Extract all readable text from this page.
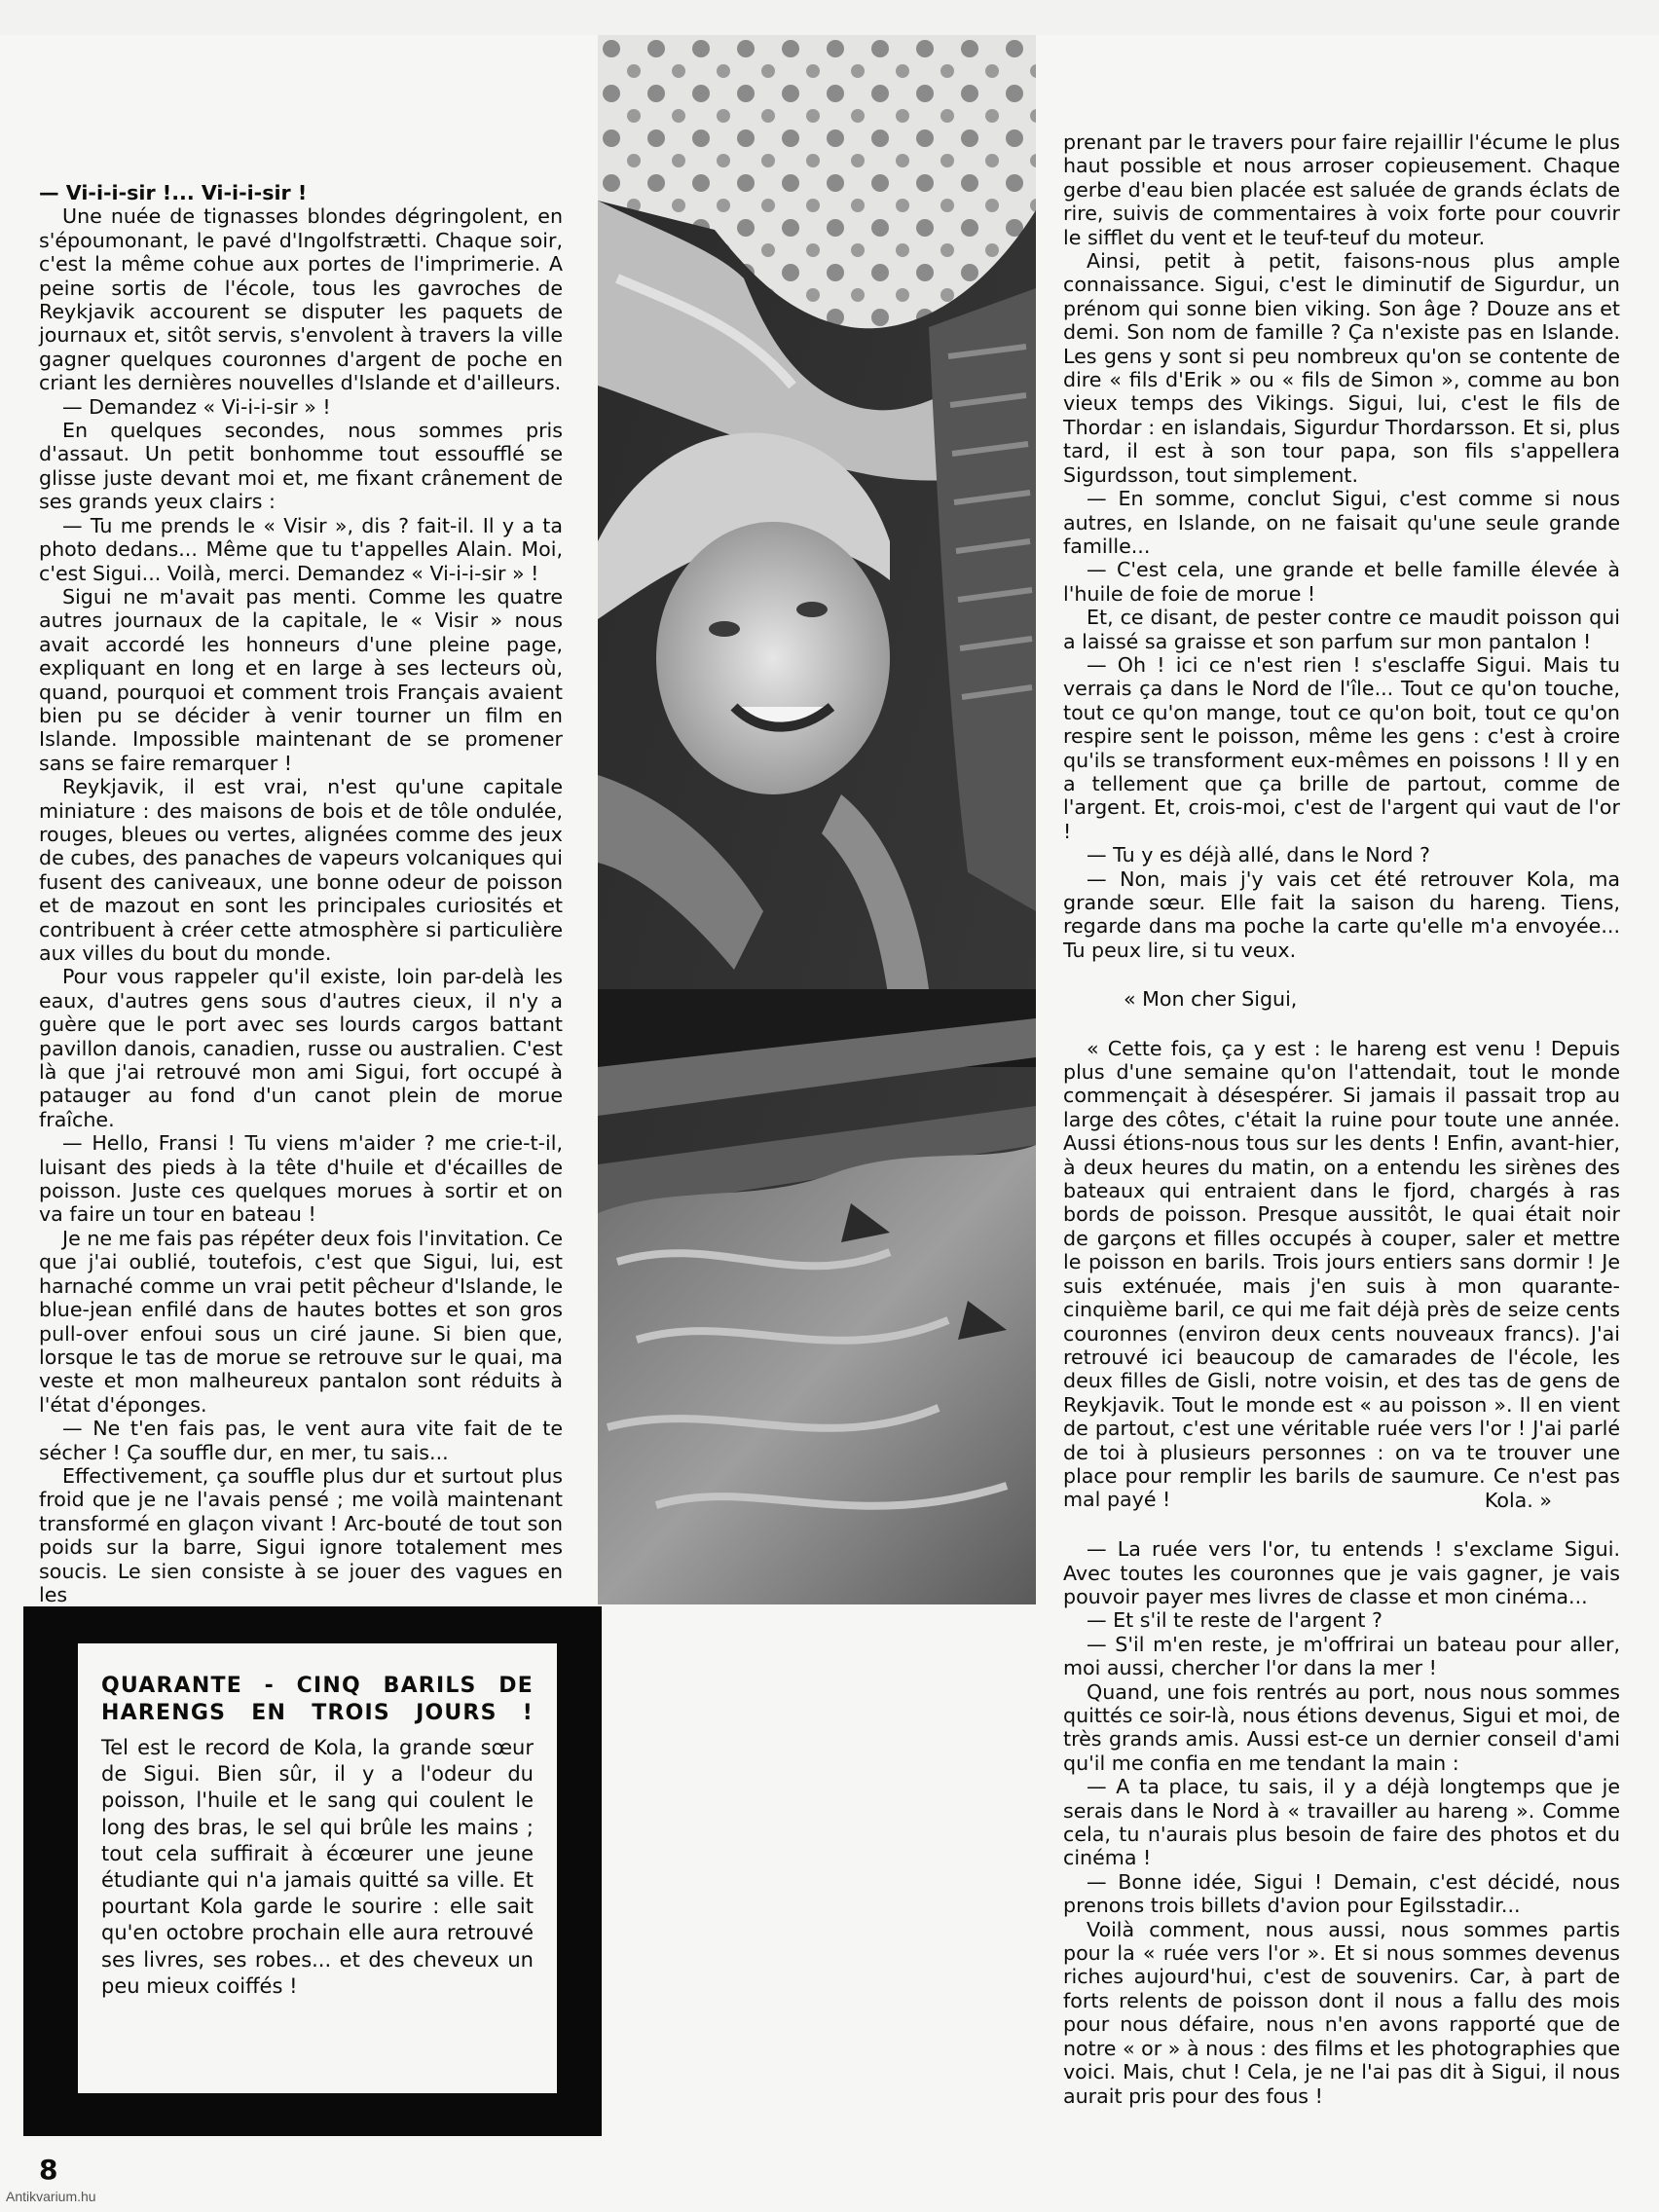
— Vi-i-i-sir !... Vi-i-i-sir !

Une nuée de tignasses blondes dégringolent, en s'époumonant, le pavé d'Ingolfstrætti. Chaque soir, c'est la même cohue aux portes de l'imprimerie. A peine sortis de l'école, tous les gavroches de Reykjavik accourent se disputer les paquets de journaux et, sitôt servis, s'envolent à travers la ville gagner quelques couronnes d'argent de poche en criant les dernières nouvelles d'Islande et d'ailleurs.

— Demandez « Vi-i-i-sir » !

En quelques secondes, nous sommes pris d'assaut. Un petit bonhomme tout essoufflé se glisse juste devant moi et, me fixant crânement de ses grands yeux clairs :

— Tu me prends le « Visir », dis ? fait-il. Il y a ta photo dedans... Même que tu t'appelles Alain. Moi, c'est Sigui... Voilà, merci. Demandez « Vi-i-i-sir » !

Sigui ne m'avait pas menti. Comme les quatre autres journaux de la capitale, le « Visir » nous avait accordé les honneurs d'une pleine page, expliquant en long et en large à ses lecteurs où, quand, pourquoi et comment trois Français avaient bien pu se décider à venir tourner un film en Islande. Impossible maintenant de se promener sans se faire remarquer !

Reykjavik, il est vrai, n'est qu'une capitale miniature : des maisons de bois et de tôle ondulée, rouges, bleues ou vertes, alignées comme des jeux de cubes, des panaches de vapeurs volcaniques qui fusent des caniveaux, une bonne odeur de poisson et de mazout en sont les principales curiosités et contribuent à créer cette atmosphère si particulière aux villes du bout du monde.

Pour vous rappeler qu'il existe, loin par-delà les eaux, d'autres gens sous d'autres cieux, il n'y a guère que le port avec ses lourds cargos battant pavillon danois, canadien, russe ou australien. C'est là que j'ai retrouvé mon ami Sigui, fort occupé à patauger au fond d'un canot plein de morue fraîche.

— Hello, Fransi ! Tu viens m'aider ? me crie-t-il, luisant des pieds à la tête d'huile et d'écailles de poisson. Juste ces quelques morues à sortir et on va faire un tour en bateau !

Je ne me fais pas répéter deux fois l'invitation. Ce que j'ai oublié, toutefois, c'est que Sigui, lui, est harnaché comme un vrai petit pêcheur d'Islande, le blue-jean enfilé dans de hautes bottes et son gros pull-over enfoui sous un ciré jaune. Si bien que, lorsque le tas de morue se retrouve sur le quai, ma veste et mon malheureux pantalon sont réduits à l'état d'éponges.

— Ne t'en fais pas, le vent aura vite fait de te sécher ! Ça souffle dur, en mer, tu sais...

Effectivement, ça souffle plus dur et surtout plus froid que je ne l'avais pensé ; me voilà maintenant transformé en glaçon vivant ! Arc-bouté de tout son poids sur la barre, Sigui ignore totalement mes soucis. Le sien consiste à se jouer des vagues en les

prenant par le travers pour faire rejaillir l'écume le plus haut possible et nous arroser copieusement. Chaque gerbe d'eau bien placée est saluée de grands éclats de rire, suivis de commentaires à voix forte pour couvrir le sifflet du vent et le teuf-teuf du moteur.

Ainsi, petit à petit, faisons-nous plus ample connaissance. Sigui, c'est le diminutif de Sigurdur, un prénom qui sonne bien viking. Son âge ? Douze ans et demi. Son nom de famille ? Ça n'existe pas en Islande. Les gens y sont si peu nombreux qu'on se contente de dire « fils d'Erik » ou « fils de Simon », comme au bon vieux temps des Vikings. Sigui, lui, c'est le fils de Thordar : en islandais, Sigurdur Thordarsson. Et si, plus tard, il est à son tour papa, son fils s'appellera Sigurdsson, tout simplement.

— En somme, conclut Sigui, c'est comme si nous autres, en Islande, on ne faisait qu'une seule grande famille...

— C'est cela, une grande et belle famille élevée à l'huile de foie de morue !

Et, ce disant, de pester contre ce maudit poisson qui a laissé sa graisse et son parfum sur mon pantalon !

— Oh ! ici ce n'est rien ! s'esclaffe Sigui. Mais tu verrais ça dans le Nord de l'île... Tout ce qu'on touche, tout ce qu'on mange, tout ce qu'on boit, tout ce qu'on respire sent le poisson, même les gens : c'est à croire qu'ils se transforment eux-mêmes en poissons ! Il y en a tellement que ça brille de partout, comme de l'argent. Et, crois-moi, c'est de l'argent qui vaut de l'or !

— Tu y es déjà allé, dans le Nord ?

— Non, mais j'y vais cet été retrouver Kola, ma grande sœur. Elle fait la saison du hareng. Tiens, regarde dans ma poche la carte qu'elle m'a envoyée... Tu peux lire, si tu veux.

« Mon cher Sigui,

« Cette fois, ça y est : le hareng est venu ! Depuis plus d'une semaine qu'on l'attendait, tout le monde commençait à désespérer. Si jamais il passait trop au large des côtes, c'était la ruine pour toute une année. Aussi étions-nous tous sur les dents ! Enfin, avant-hier, à deux heures du matin, on a entendu les sirènes des bateaux qui entraient dans le fjord, chargés à ras bords de poisson. Presque aussitôt, le quai était noir de garçons et filles occupés à couper, saler et mettre le poisson en barils. Trois jours entiers sans dormir ! Je suis exténuée, mais j'en suis à mon quarante-cinquième baril, ce qui me fait déjà près de seize cents couronnes (environ deux cents nouveaux francs). J'ai retrouvé ici beaucoup de camarades de l'école, les deux filles de Gisli, notre voisin, et des tas de gens de Reykjavik. Tout le monde est « au poisson ». Il en vient de partout, c'est une véritable ruée vers l'or ! J'ai parlé de toi à plusieurs personnes : on va te trouver une place pour remplir les barils de saumure. Ce n'est pas mal payé !	Kola. »

— La ruée vers l'or, tu entends ! s'exclame Sigui. Avec toutes les couronnes que je vais gagner, je vais pouvoir payer mes livres de classe et mon cinéma...

— Et s'il te reste de l'argent ?

— S'il m'en reste, je m'offrirai un bateau pour aller, moi aussi, chercher l'or dans la mer !

Quand, une fois rentrés au port, nous nous sommes quittés ce soir-là, nous étions devenus, Sigui et moi, de très grands amis. Aussi est-ce un dernier conseil d'ami qu'il me confia en me tendant la main :

— A ta place, tu sais, il y a déjà longtemps que je serais dans le Nord à « travailler au hareng ». Comme cela, tu n'aurais plus besoin de faire des photos et du cinéma !

— Bonne idée, Sigui ! Demain, c'est décidé, nous prenons trois billets d'avion pour Egilsstadir...

Voilà comment, nous aussi, nous sommes partis pour la « ruée vers l'or ». Et si nous sommes devenus riches aujourd'hui, c'est de souvenirs. Car, à part de forts relents de poisson dont il nous a fallu des mois pour nous défaire, nous n'en avons rapporté que de notre « or » à nous : des films et les photographies que voici. Mais, chut ! Cela, je ne l'ai pas dit à Sigui, il nous aurait pris pour des fous !

QUARANTE - CINQ BARILS DE HARENGS EN TROIS JOURS !

Tel est le record de Kola, la grande sœur de Sigui. Bien sûr, il y a l'odeur du poisson, l'huile et le sang qui coulent le long des bras, le sel qui brûle les mains ; tout cela suffirait à écœurer une jeune étudiante qui n'a jamais quitté sa ville. Et pourtant Kola garde le sourire : elle sait qu'en octobre prochain elle aura retrouvé ses livres, ses robes... et des cheveux un peu mieux coiffés !

8
Antikvarium.hu
